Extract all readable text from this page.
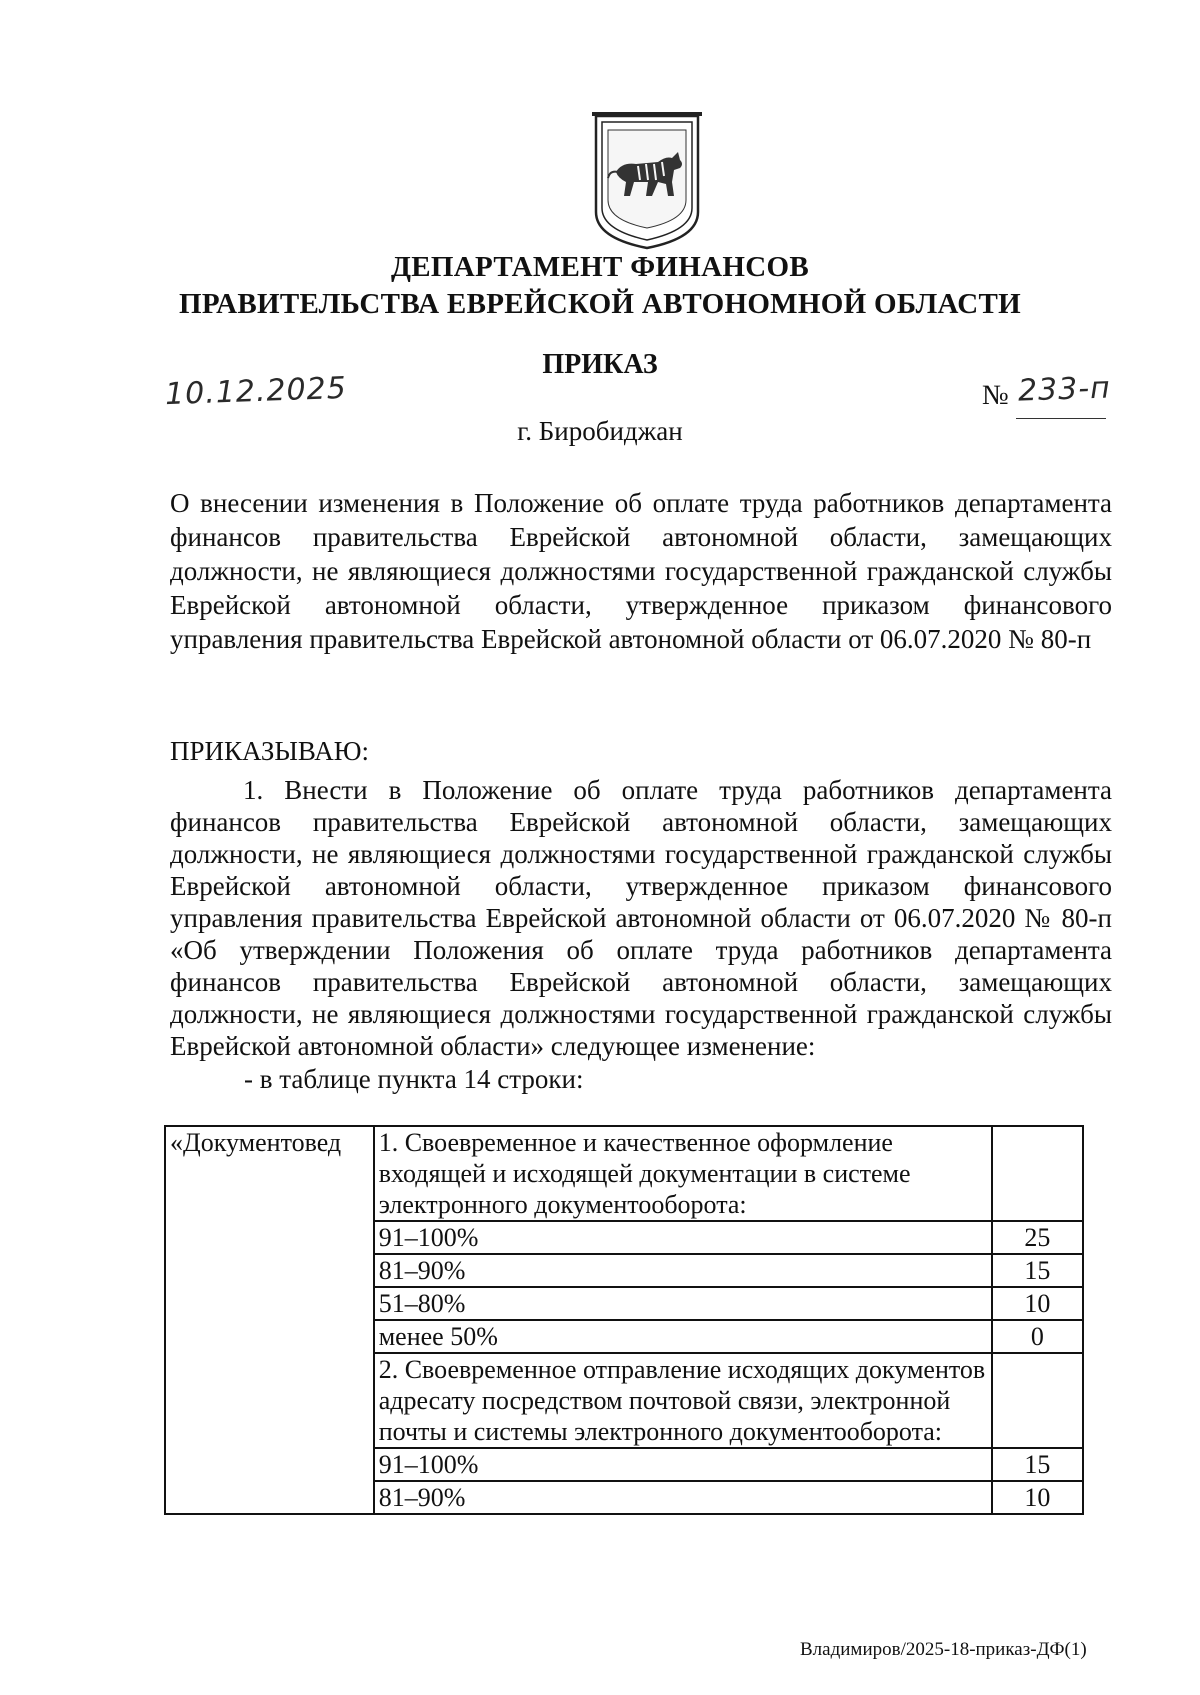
ДЕПАРТАМЕНТ ФИНАНСОВ
ПРАВИТЕЛЬСТВА ЕВРЕЙСКОЙ АВТОНОМНОЙ ОБЛАСТИ
ПРИКАЗ
10.12.2025	№ 233-п
г. Биробиджан
О внесении изменения в Положение об оплате труда работников департамента финансов правительства Еврейской автономной области, замещающих должности, не являющиеся должностями государственной гражданской службы Еврейской автономной области, утвержденное приказом финансового управления правительства Еврейской автономной области от 06.07.2020 № 80-п
ПРИКАЗЫВАЮ:
1. Внести в Положение об оплате труда работников департамента финансов правительства Еврейской автономной области, замещающих должности, не являющиеся должностями государственной гражданской службы Еврейской автономной области, утвержденное приказом финансового управления правительства Еврейской автономной области от 06.07.2020 № 80-п «Об утверждении Положения об оплате труда работников департамента финансов правительства Еврейской автономной области, замещающих должности, не являющиеся должностями государственной гражданской службы Еврейской автономной области» следующее изменение:
- в таблице пункта 14 строки:
«Документовед	1. Своевременное и качественное оформление входящей и исходящей документации в системе электронного документооборота:	
	91–100%	25
	81–90%	15
	51–80%	10
	менее 50%	0
	2. Своевременное отправление исходящих документов адресату посредством почтовой связи, электронной почты и системы электронного документооборота:	
	91–100%	15
	81–90%	10
Владимиров/2025-18-приказ-ДФ(1)
